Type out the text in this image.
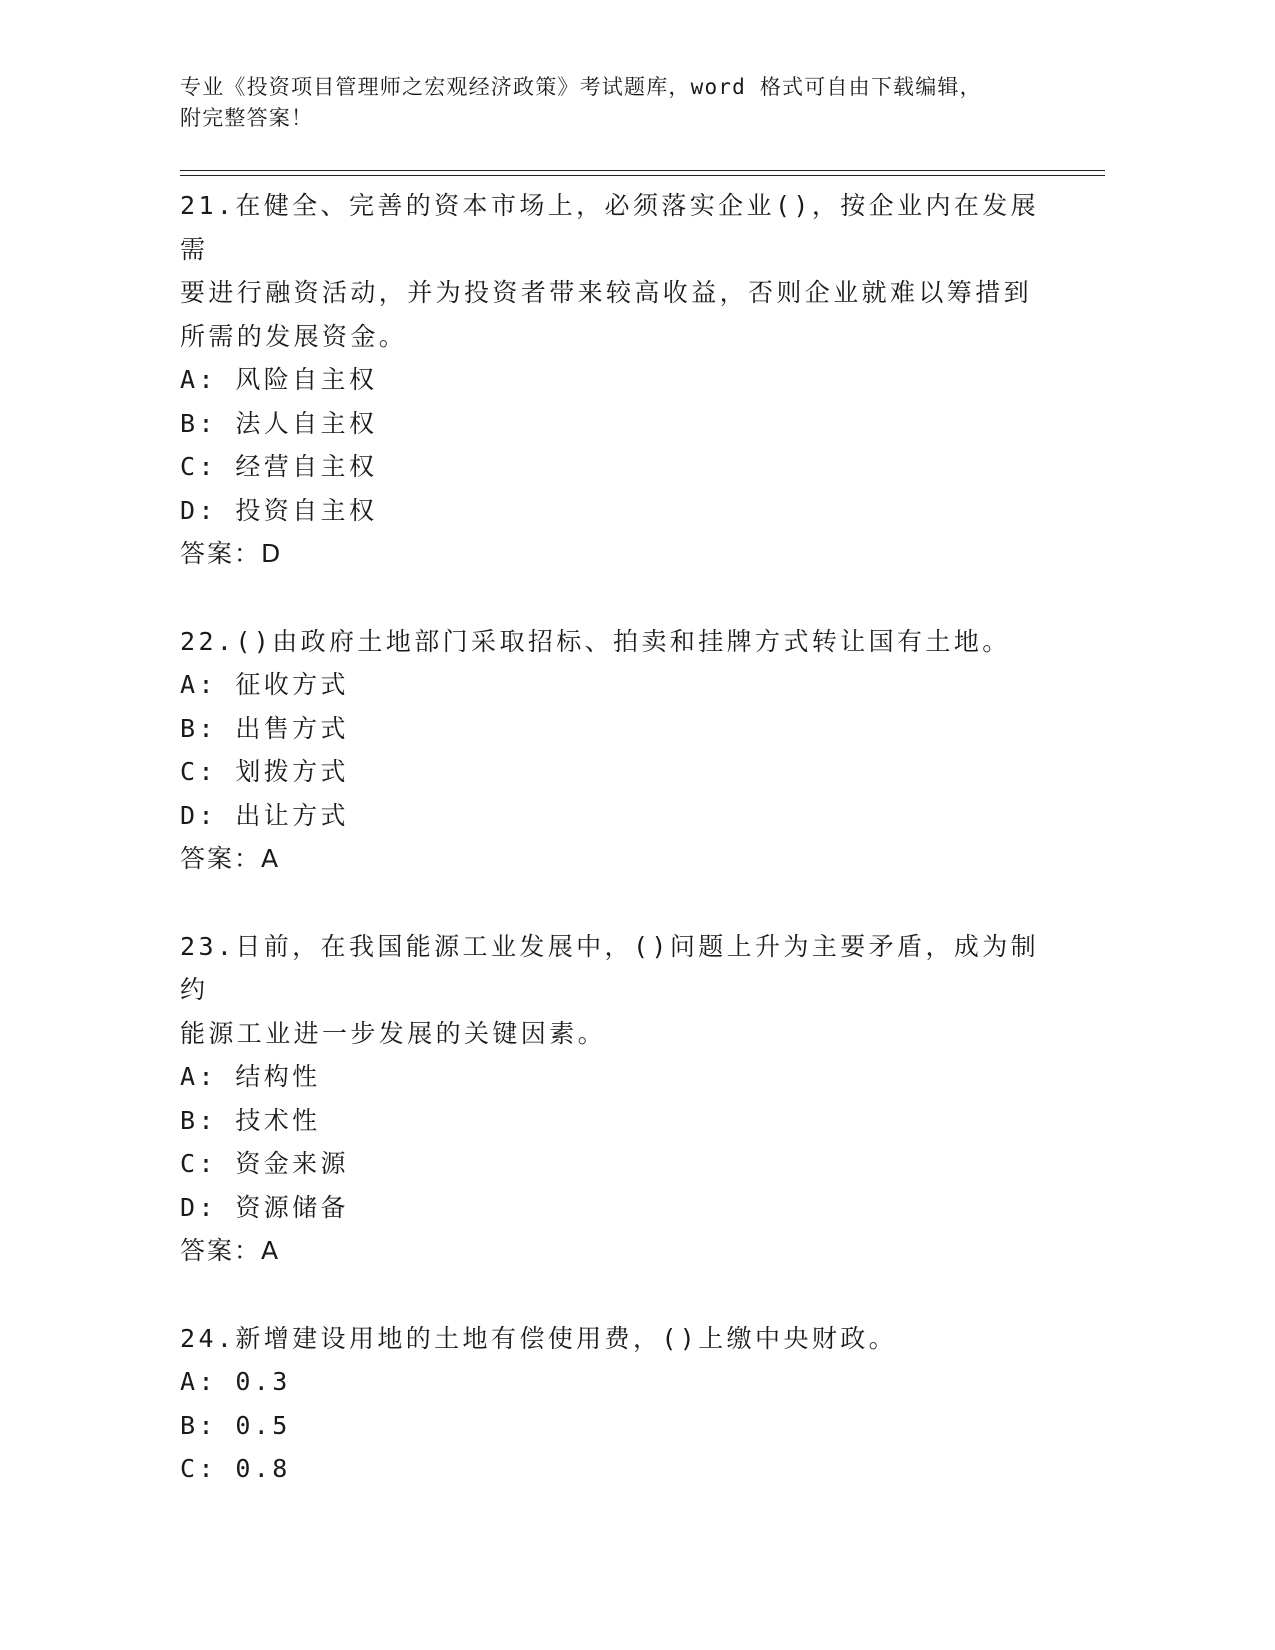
专业《投资项目管理师之宏观经济政策》考试题库，word 格式可自由下载编辑，
附完整答案！

21.在健全、完善的资本市场上，必须落实企业()，按企业内在发展需

要进行融资活动，并为投资者带来较高收益，否则企业就难以筹措到

所需的发展资金。

A: 风险自主权

B: 法人自主权

C: 经营自主权

D: 投资自主权

答案：D

22.()由政府土地部门采取招标、拍卖和挂牌方式转让国有土地。

A: 征收方式

B: 出售方式

C: 划拨方式

D: 出让方式

答案：A

23.日前，在我国能源工业发展中，()问题上升为主要矛盾，成为制约

能源工业进一步发展的关键因素。

A: 结构性

B: 技术性

C: 资金来源

D: 资源储备

答案：A

24.新增建设用地的土地有偿使用费，()上缴中央财政。

A: 0.3

B: 0.5

C: 0.8
